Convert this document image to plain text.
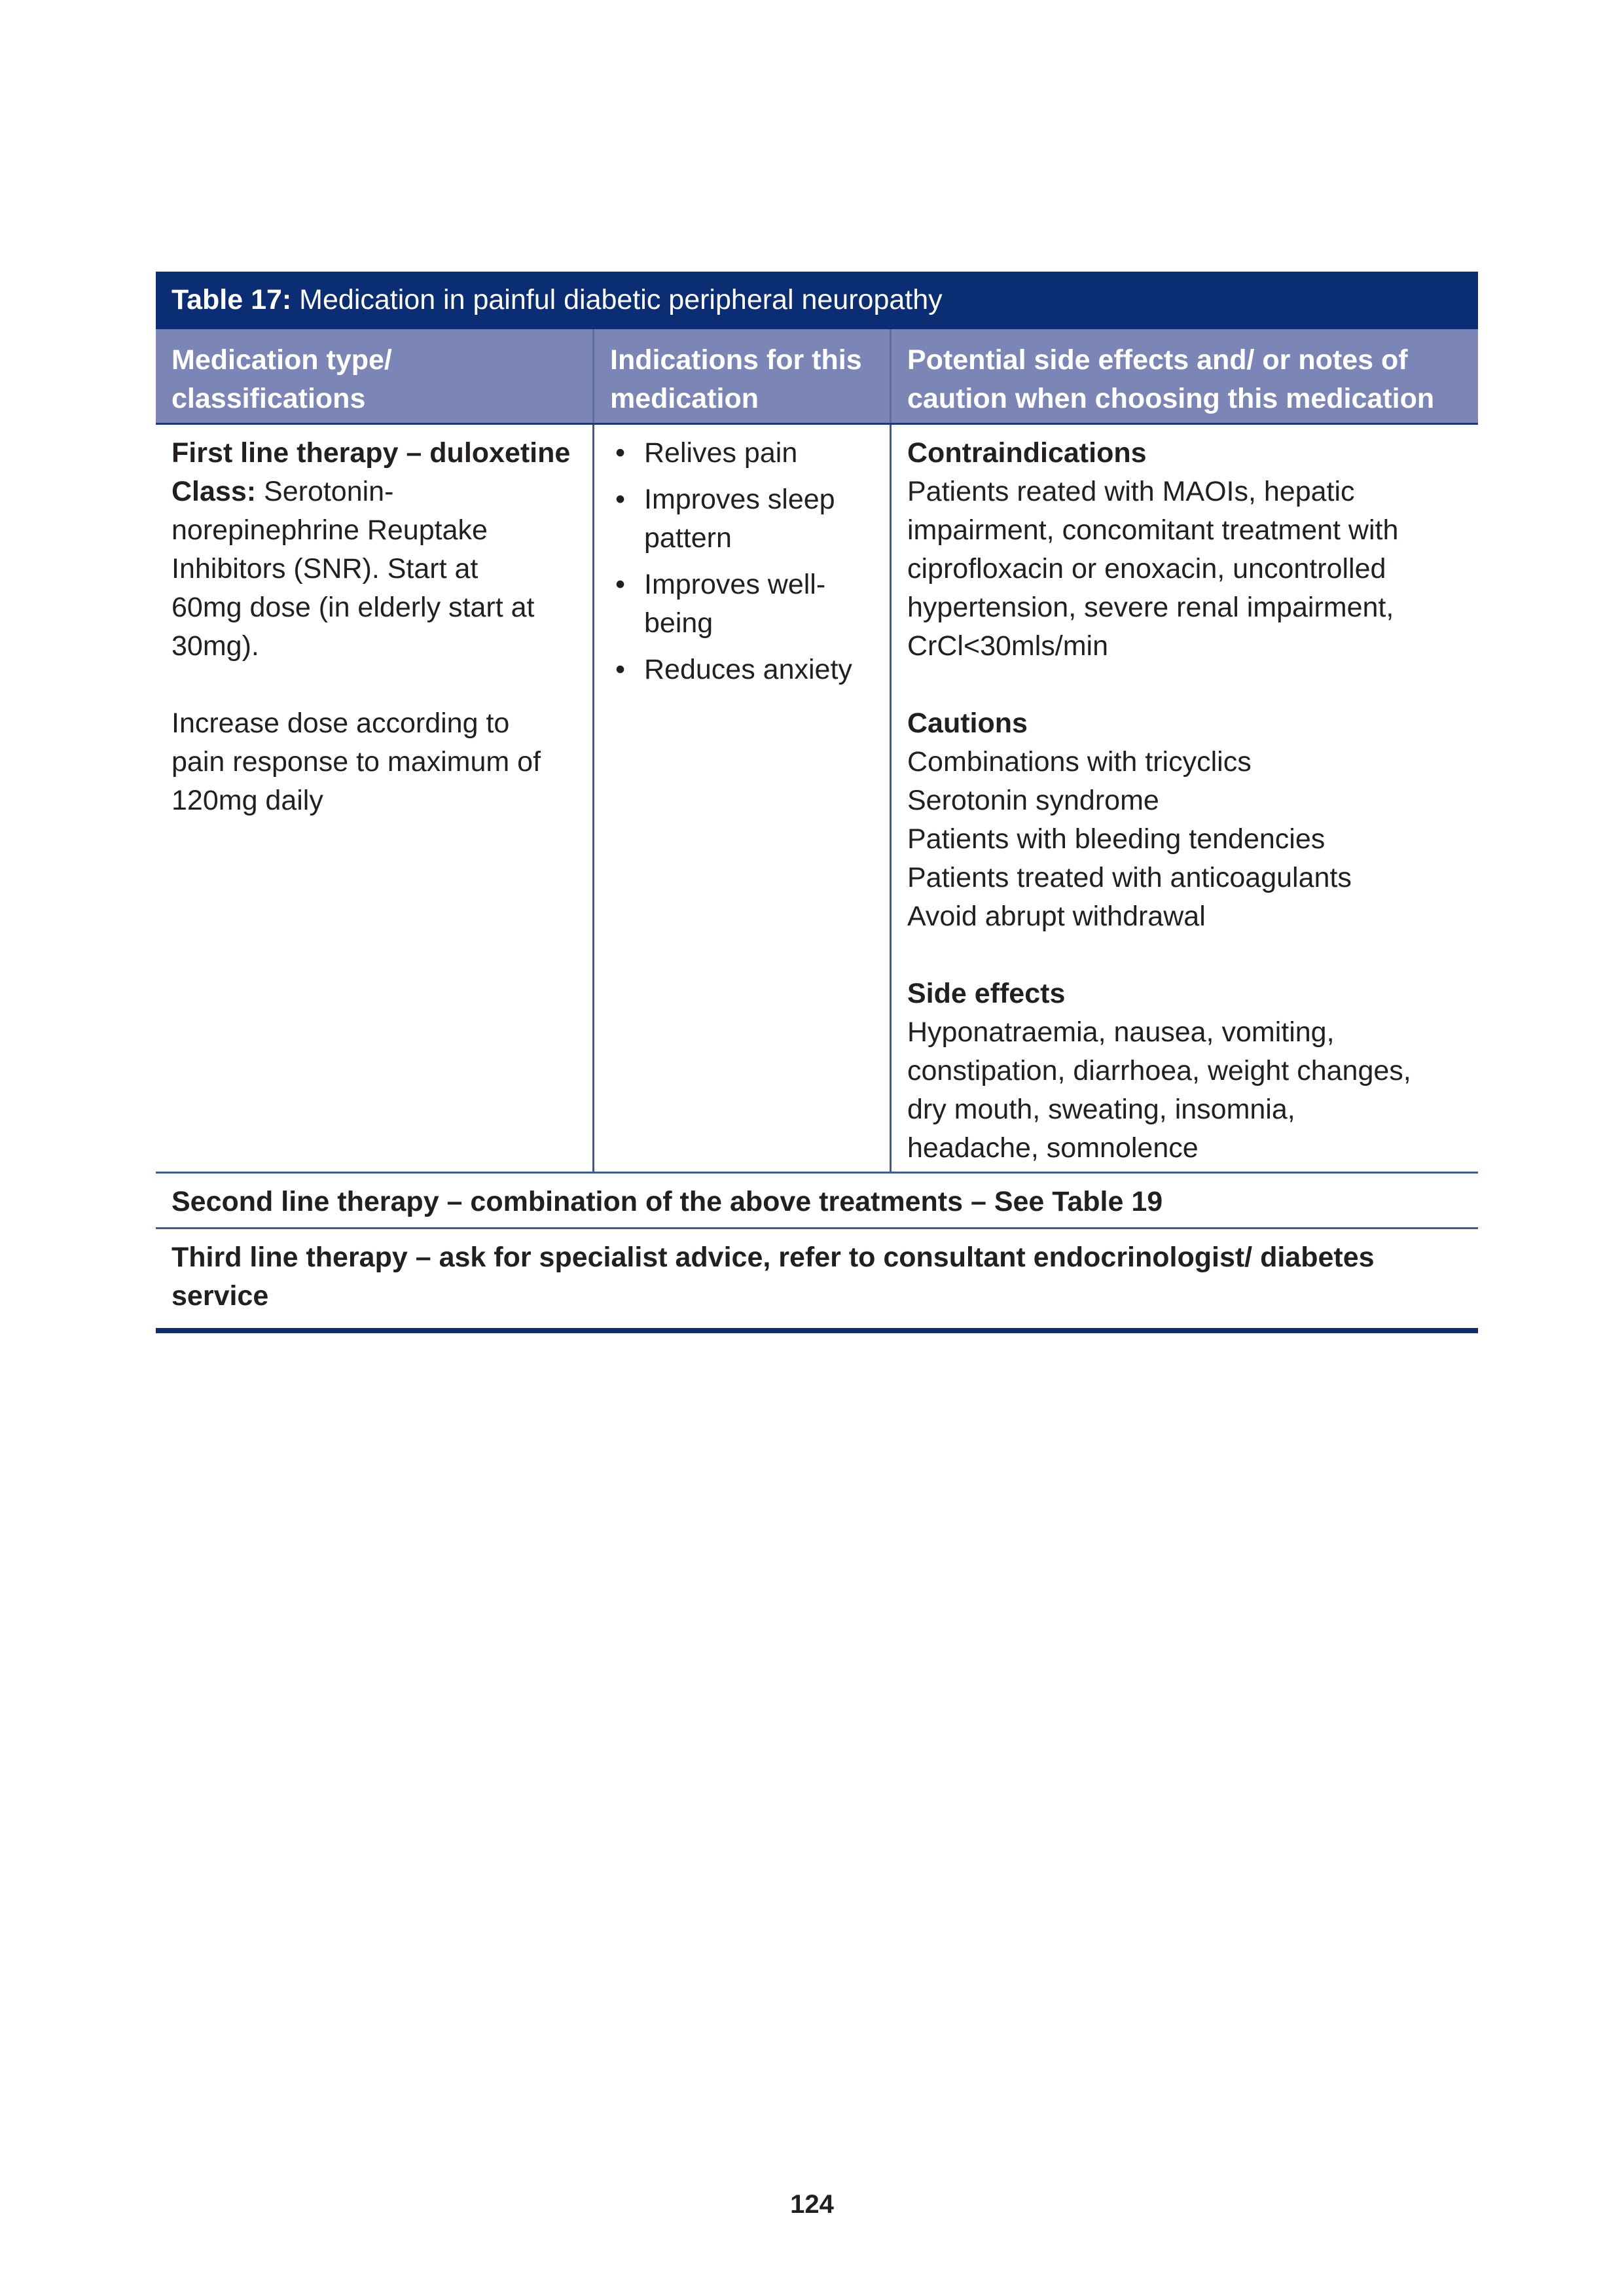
Table 17: Medication in painful diabetic peripheral neuropathy
Medication type/
classifications
Indications for this
medication
Potential side effects and/ or notes of
caution when choosing this medication
First line therapy – duloxetine
Class: Serotonin-
norepinephrine Reuptake
Inhibitors (SNR). Start at
60mg dose (in elderly start at
30mg).
Increase dose according to
pain response to maximum of
120mg daily
• Relives pain
• Improves sleep
pattern
• Improves well-
being
• Reduces anxiety
Contraindications
Patients reated with MAOIs, hepatic
impairment, concomitant treatment with
ciprofloxacin or enoxacin, uncontrolled
hypertension, severe renal impairment,
CrCl<30mls/min
Cautions
Combinations with tricyclics
Serotonin syndrome
Patients with bleeding tendencies
Patients treated with anticoagulants
Avoid abrupt withdrawal
Side effects
Hyponatraemia, nausea, vomiting,
constipation, diarrhoea, weight changes,
dry mouth, sweating, insomnia,
headache, somnolence
Second line therapy – combination of the above treatments – See Table 19
Third line therapy – ask for specialist advice, refer to consultant endocrinologist/ diabetes
service
124
